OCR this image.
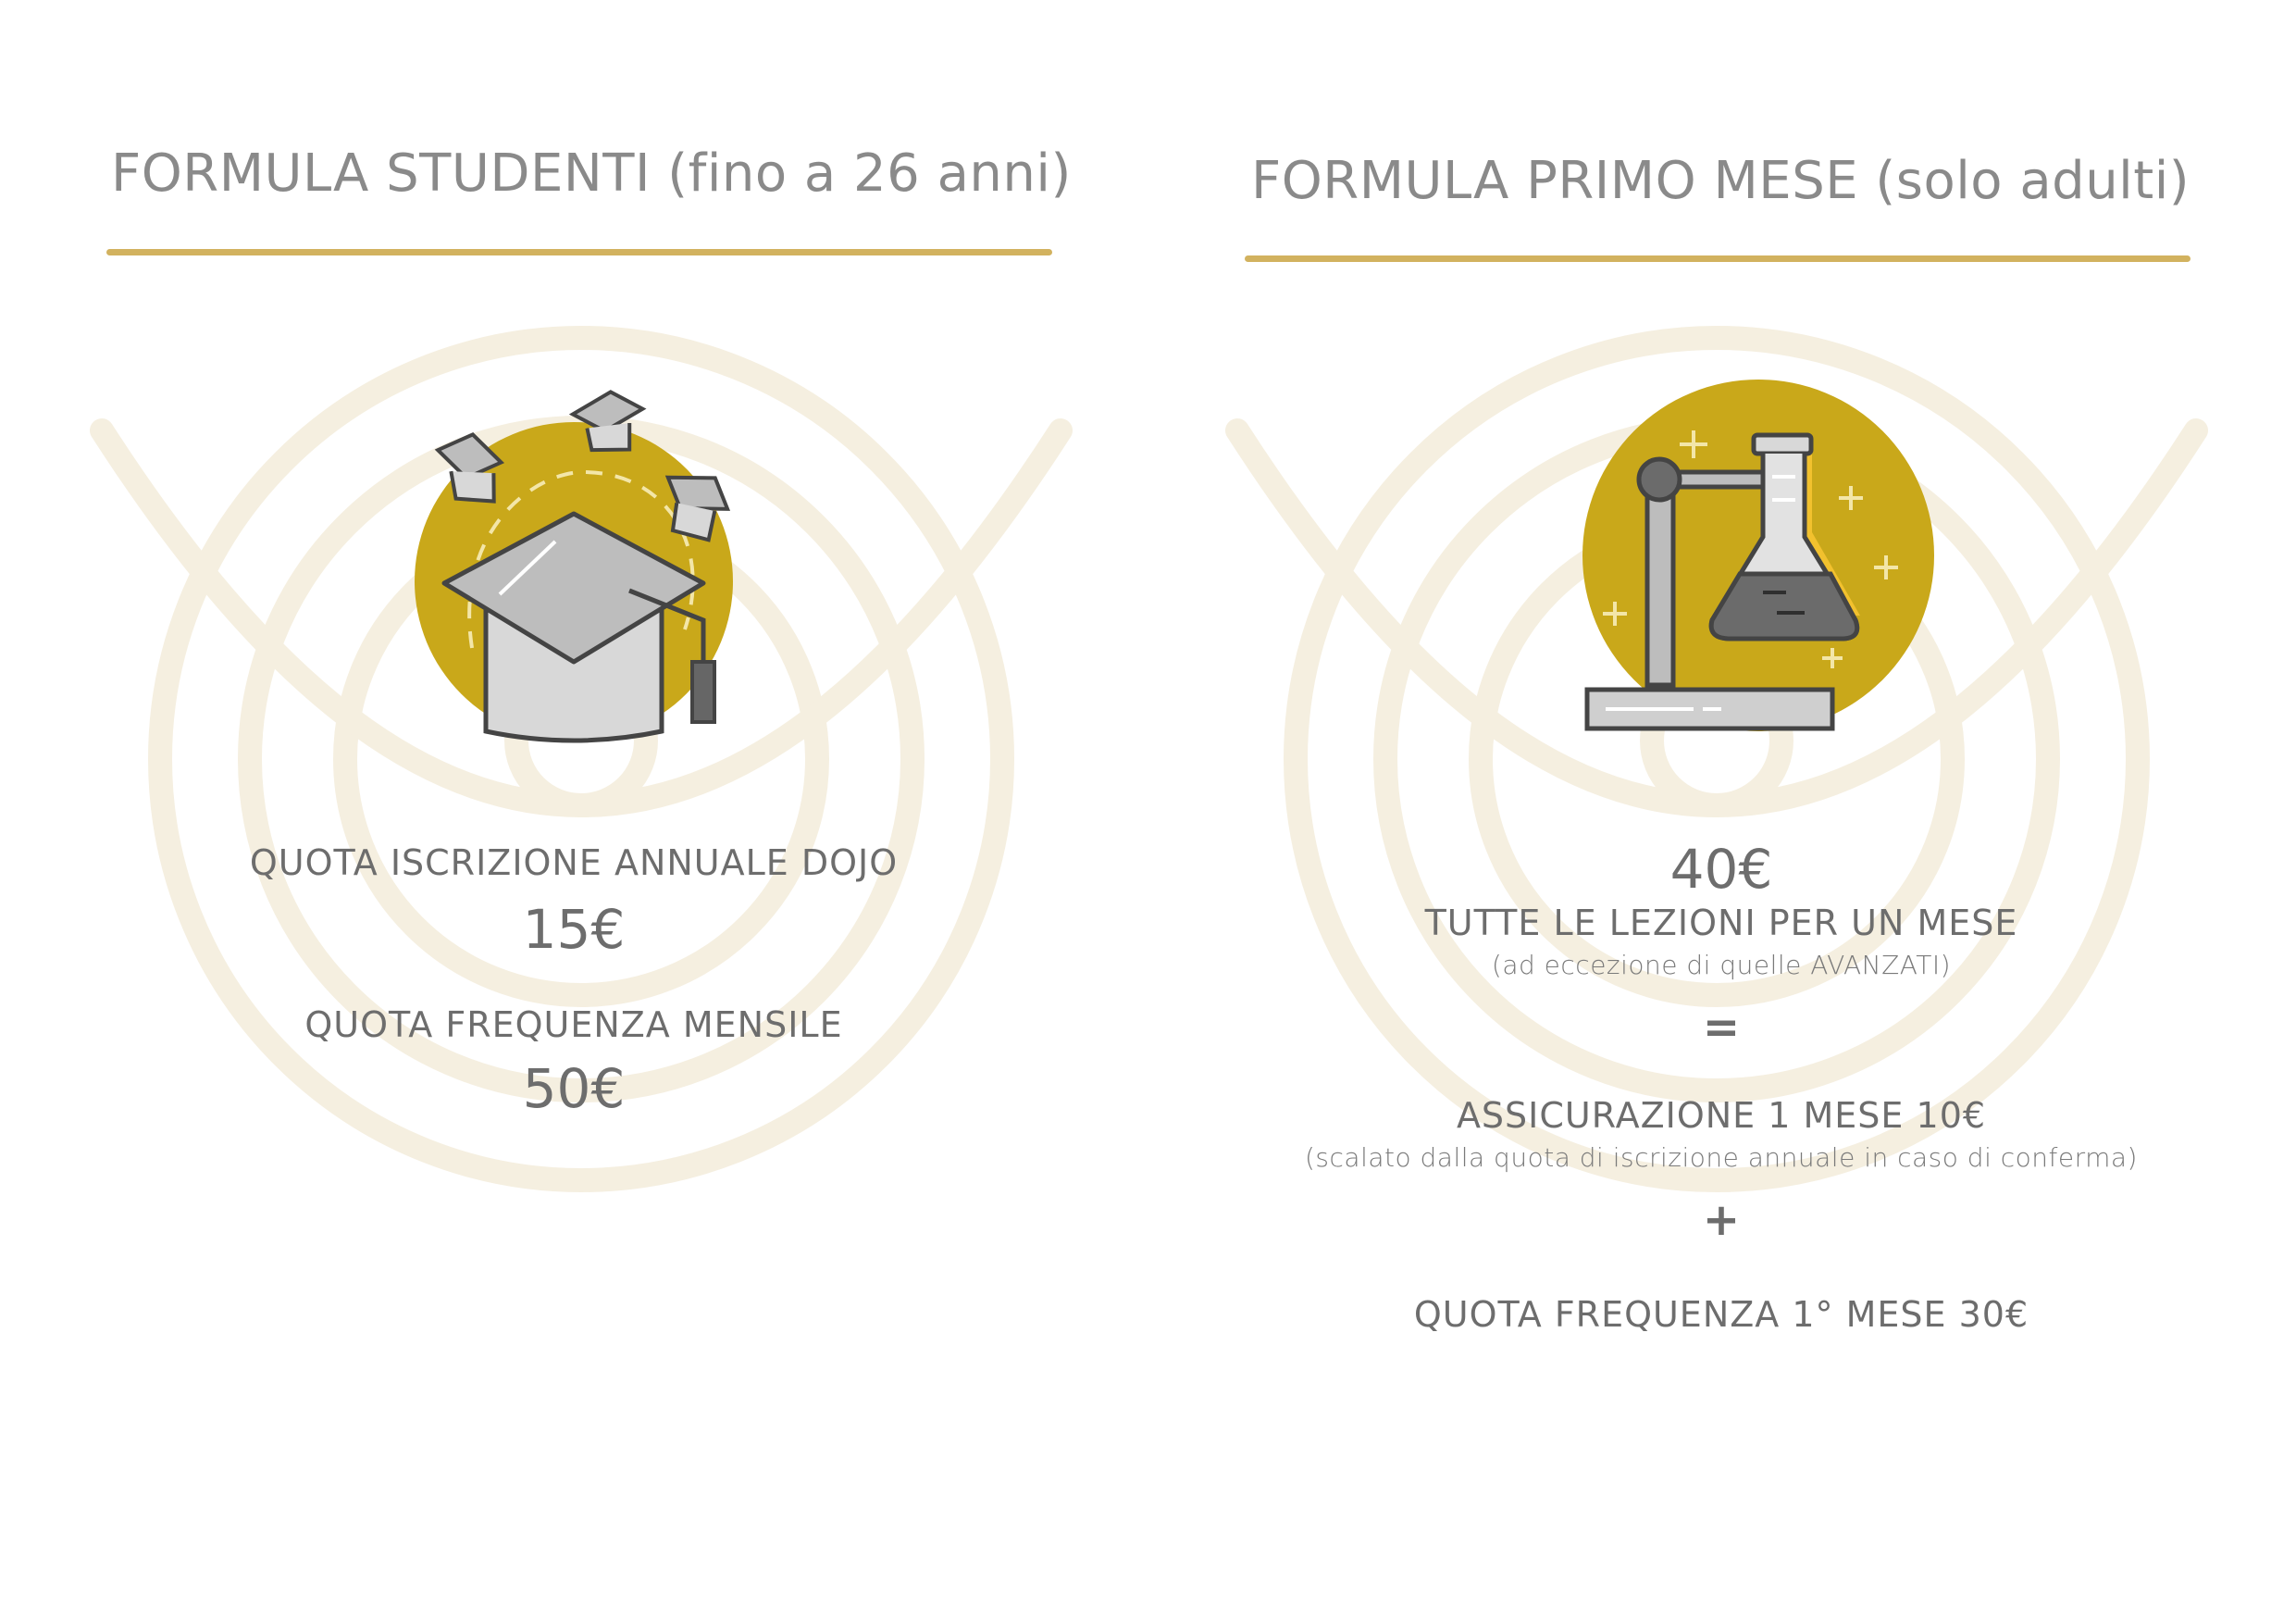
FORMULA STUDENTI (fino a 26 anni)
QUOTA ISCRIZIONE ANNUALE DOJO
15€
QUOTA FREQUENZA MENSILE
50€
FORMULA PRIMO MESE (solo adulti)
40€
TUTTE LE LEZIONI PER UN MESE
(ad eccezione di quelle AVANZATI)
=
ASSICURAZIONE 1 MESE 10€
(scalato dalla quota di iscrizione annuale in caso di conferma)
+
QUOTA FREQUENZA 1° MESE 30€
